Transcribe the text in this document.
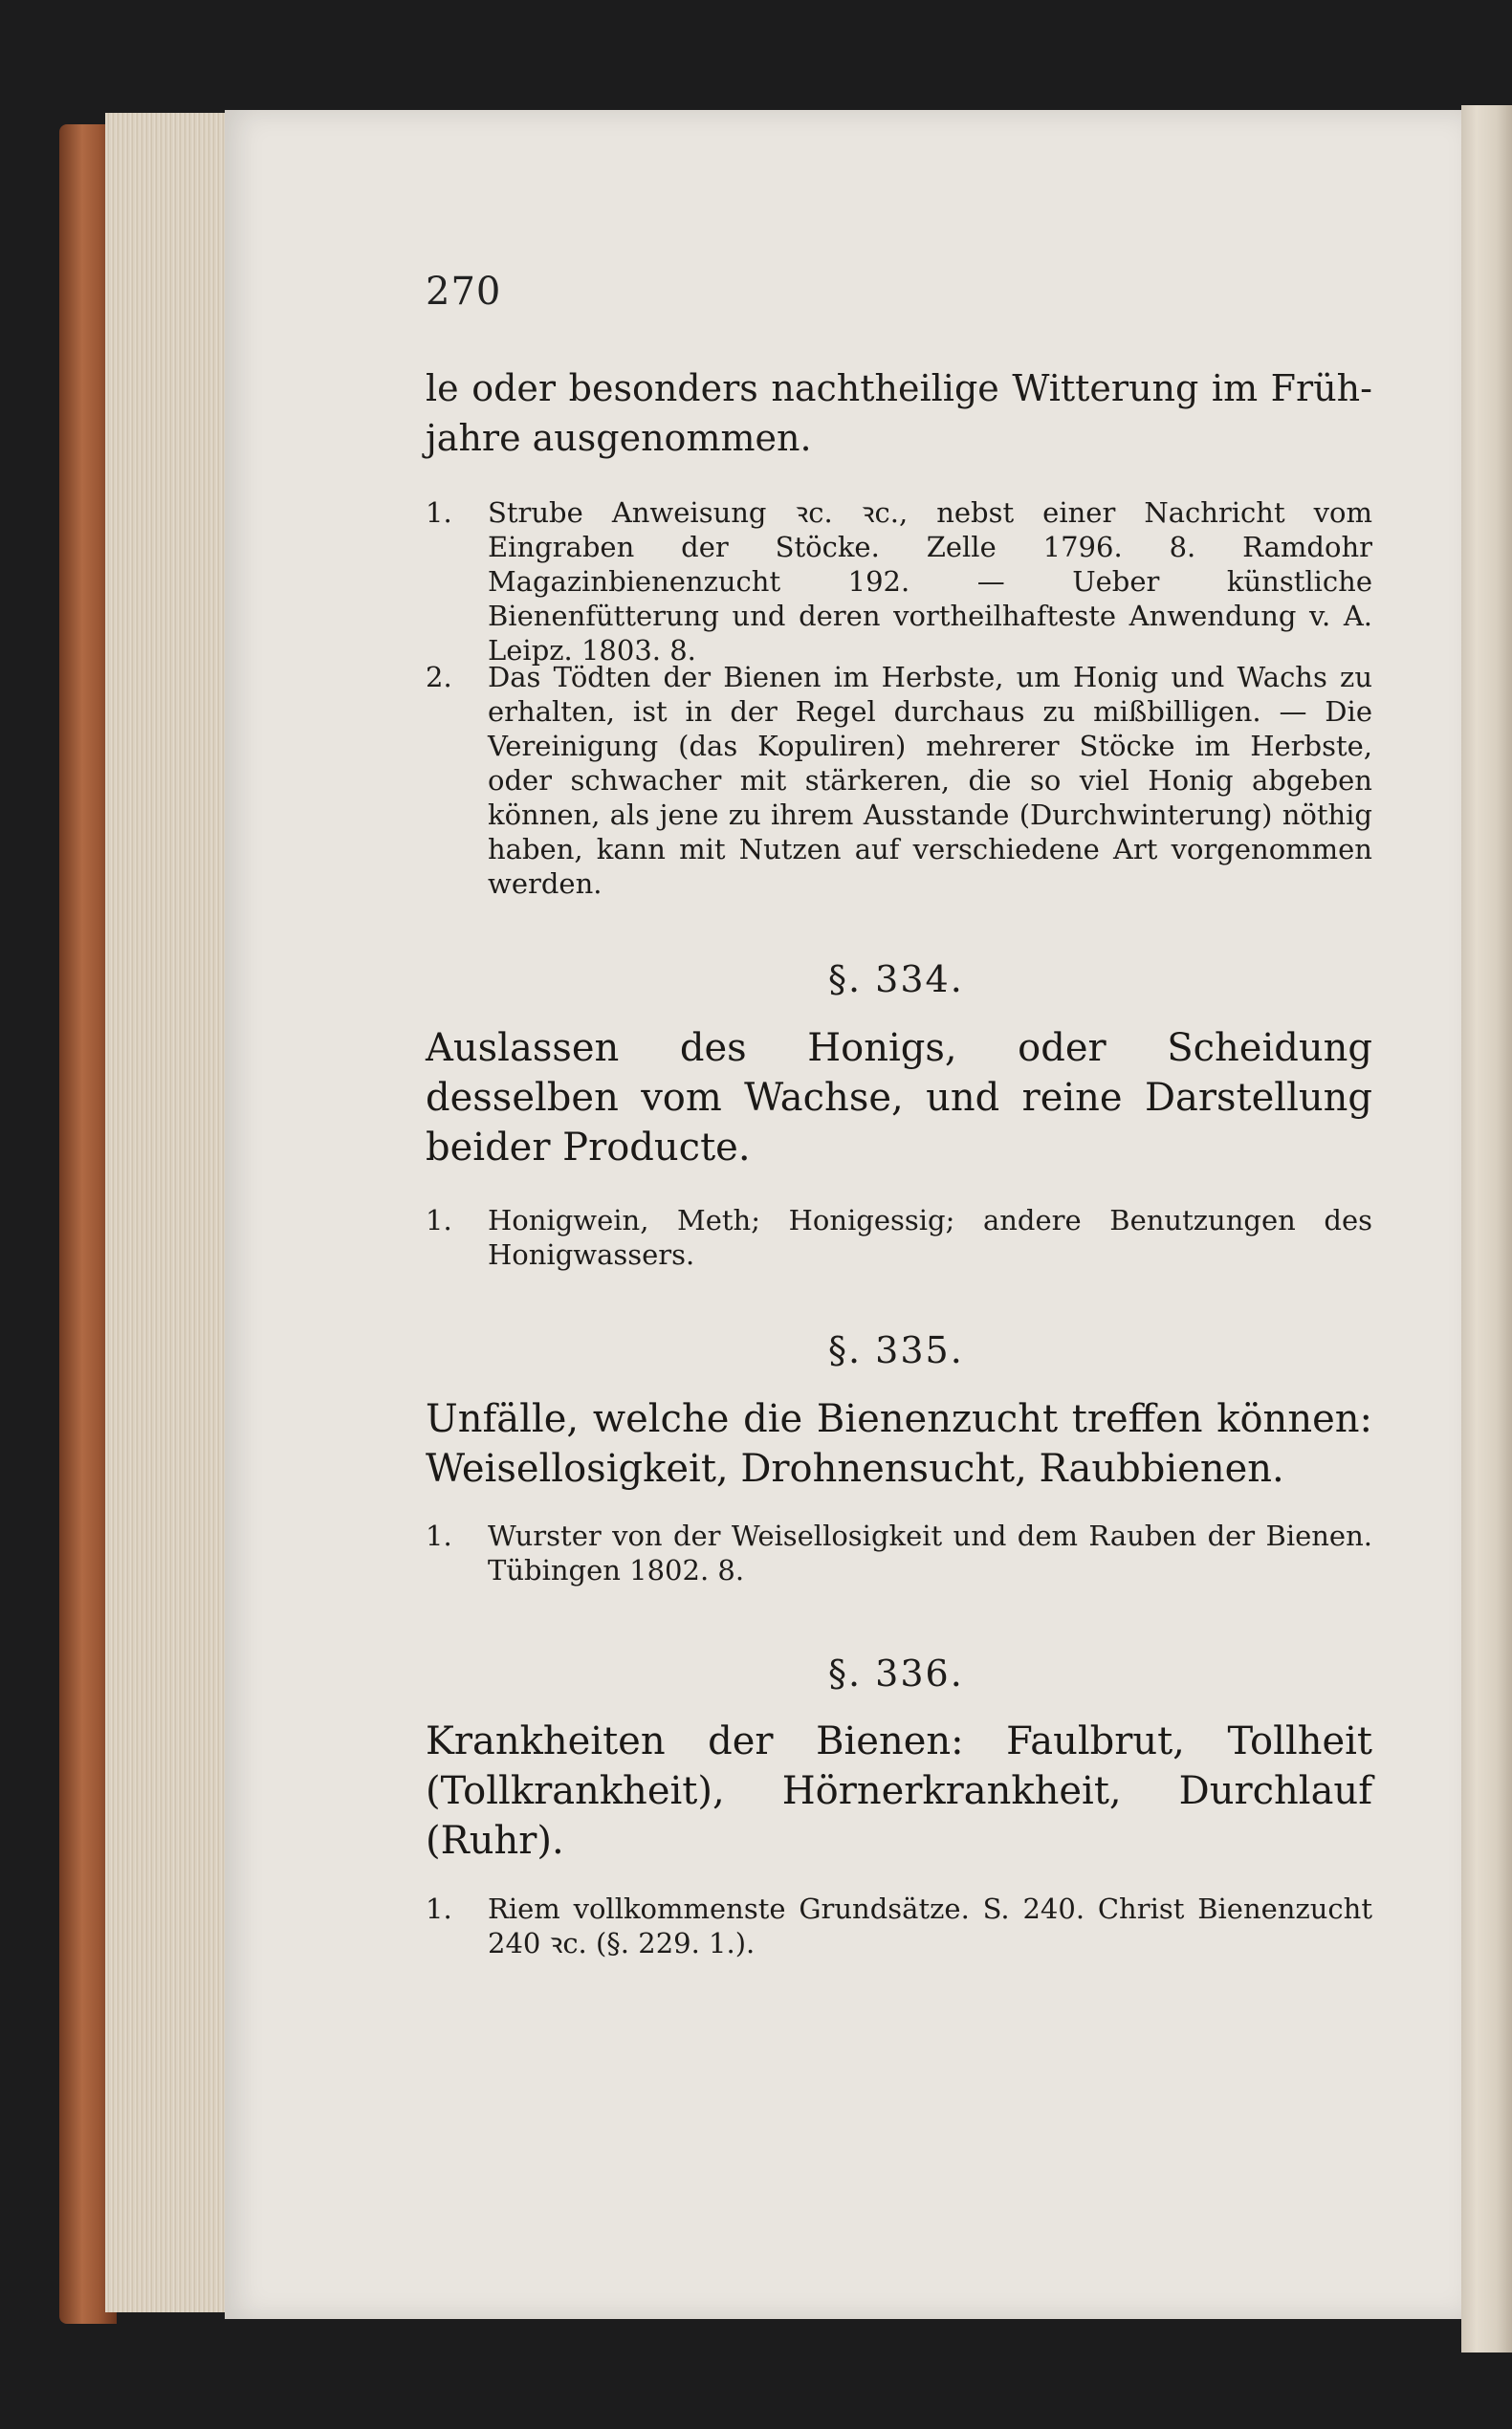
270
le oder besonders nachtheilige Witterung im Frühjahre ausgenommen.
1. Strube Anweisung ꝛc. ꝛc., nebst einer Nachricht vom Eingraben der Stöcke. Zelle 1796. 8. Ramdohr Magazinbienenzucht 192. — Ueber künstliche Bienenfütterung und deren vortheilhafteste Anwendung v. A. Leipz. 1803. 8.
2. Das Tödten der Bienen im Herbste, um Honig und Wachs zu erhalten, ist in der Regel durchaus zu mißbilligen. — Die Vereinigung (das Kopuliren) mehrerer Stöcke im Herbste, oder schwacher mit stärkeren, die so viel Honig abgeben können, als jene zu ihrem Ausstande (Durchwinterung) nöthig haben, kann mit Nutzen auf verschiedene Art vorgenommen werden.
§. 334.
Auslassen des Honigs, oder Scheidung desselben vom Wachse, und reine Darstellung beider Producte.
1. Honigwein, Meth; Honigessig; andere Benutzungen des Honigwassers.
§. 335.
Unfälle, welche die Bienenzucht treffen können: Weisellosigkeit, Drohnensucht, Raubbienen.
1. Wurster von der Weisellosigkeit und dem Rauben der Bienen. Tübingen 1802. 8.
§. 336.
Krankheiten der Bienen: Faulbrut, Tollheit (Tollkrankheit), Hörnerkrankheit, Durchlauf (Ruhr).
1. Riem vollkommenste Grundsätze. S. 240. Christ Bienenzucht 240 ꝛc. (§. 229. 1.).
